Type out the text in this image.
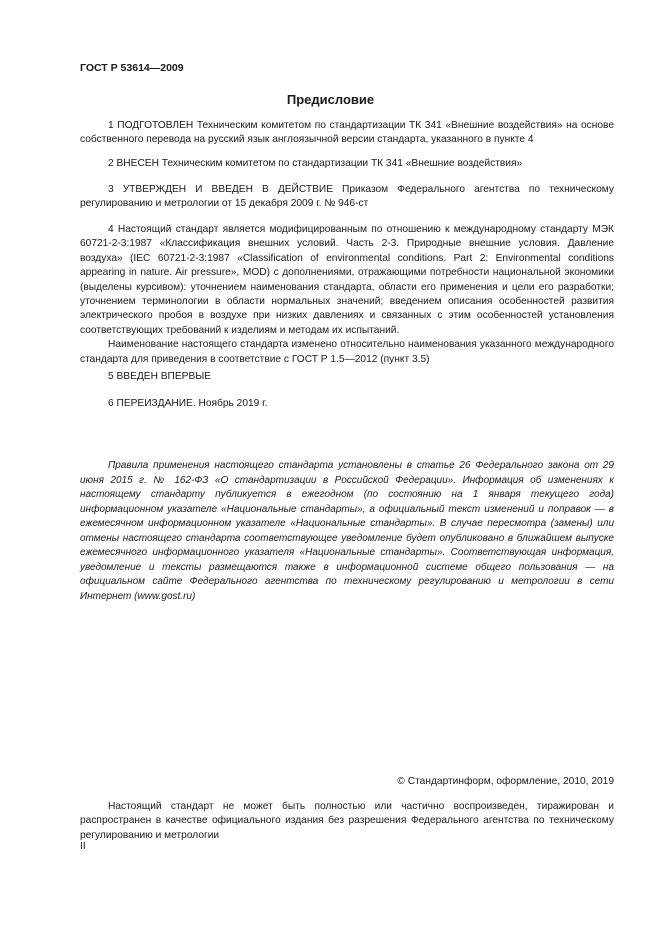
ГОСТ Р 53614—2009
Предисловие

1 ПОДГОТОВЛЕН Техническим комитетом по стандартизации ТК 341 «Внешние воздействия» на основе собственного перевода на русский язык англоязычной версии стандарта, указанного в пункте 4

2 ВНЕСЕН Техническим комитетом по стандартизации ТК 341 «Внешние воздействия»

3 УТВЕРЖДЕН И ВВЕДЕН В ДЕЙСТВИЕ Приказом Федерального агентства по техническому регулированию и метрологии от 15 декабря 2009 г. № 946-ст

4 Настоящий стандарт является модифицированным по отношению к международному стандарту МЭК 60721-2-3:1987 «Классификация внешних условий. Часть 2-3. Природные внешние условия. Давление воздуха» (IEC 60721-2-3:1987 «Classification of environmental conditions. Part 2: Environmental conditions appearing in nature. Air pressure», MOD) с дополнениями, отражающими потребности национальной экономики (выделены курсивом): уточнением наименования стандарта, области его применения и цели его разработки; уточнением терминологии в области нормальных значений; введением описания особенностей развития электрического пробоя в воздухе при низких давлениях и связанных с этим особенностей установления соответствующих требований к изделиям и методам их испытаний.

Наименование настоящего стандарта изменено относительно наименования указанного международного стандарта для приведения в соответствие с ГОСТ Р 1.5—2012 (пункт 3.5)

5 ВВЕДЕН ВПЕРВЫЕ

6 ПЕРЕИЗДАНИЕ. Ноябрь 2019 г.

Правила применения настоящего стандарта установлены в статье 26 Федерального закона от 29 июня 2015 г. № 162-ФЗ «О стандартизации в Российской Федерации». Информация об изменениях к настоящему стандарту публикуется в ежегодном (по состоянию на 1 января текущего года) информационном указателе «Национальные стандарты», а официальный текст изменений и поправок — в ежемесячном информационном указателе «Национальные стандарты». В случае пересмотра (замены) или отмены настоящего стандарта соответствующее уведомление будет опубликовано в ближайшем выпуске ежемесячного информационного указателя «Национальные стандарты». Соответствующая информация, уведомление и тексты размещаются также в информационной системе общего пользования — на официальном сайте Федерального агентства по техническому регулированию и метрологии в сети Интернет (www.gost.ru)
© Стандартинформ, оформление, 2010, 2019

Настоящий стандарт не может быть полностью или частично воспроизведен, тиражирован и распространен в качестве официального издания без разрешения Федерального агентства по техническому регулированию и метрологии

II
